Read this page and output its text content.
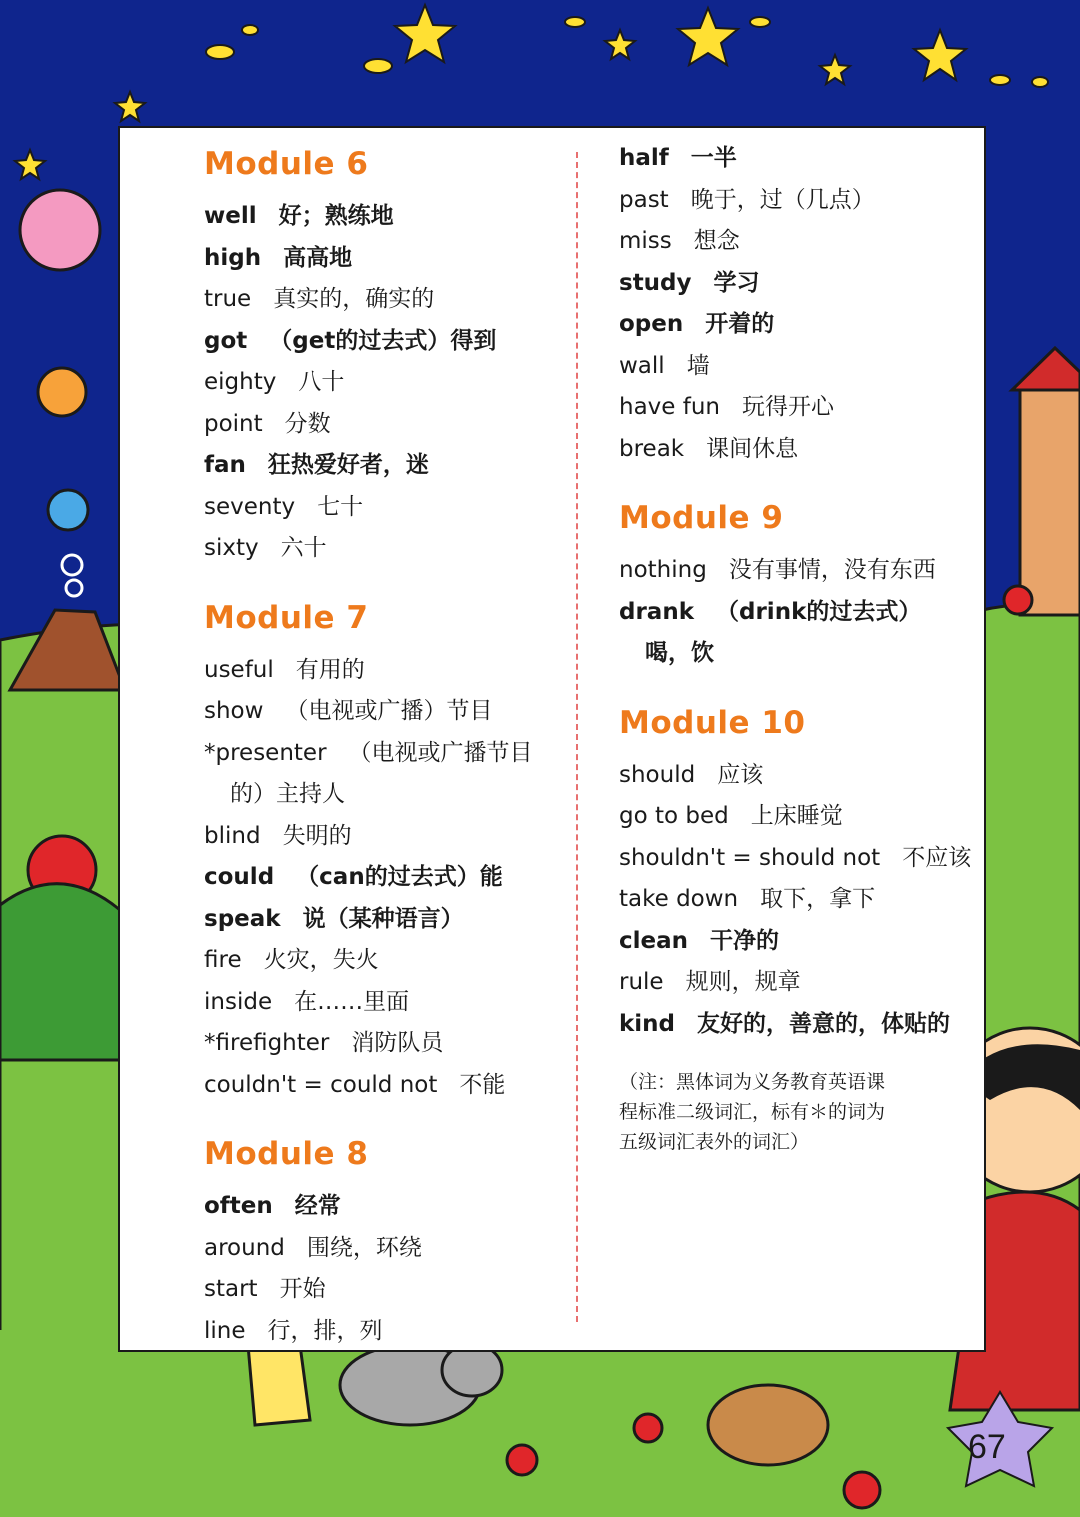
Module 6
well 好；熟练地
high 高高地
true 真实的，确实的
got （get的过去式）得到
eighty 八十
point 分数
fan 狂热爱好者，迷
seventy 七十
sixty 六十
Module 7
useful 有用的
show （电视或广播）节目
*presenter （电视或广播节目
的）主持人
blind 失明的
could （can的过去式）能
speak 说（某种语言）
fire 火灾，失火
inside 在……里面
*firefighter 消防队员
couldn't = could not 不能
Module 8
often 经常
around 围绕，环绕
start 开始
line 行，排，列
half 一半
past 晚于，过（几点）
miss 想念
study 学习
open 开着的
wall 墙
have fun 玩得开心
break 课间休息
Module 9
nothing 没有事情，没有东西
drank （drink的过去式）
喝，饮
Module 10
should 应该
go to bed 上床睡觉
shouldn't = should not 不应该
take down 取下，拿下
clean 干净的
rule 规则，规章
kind 友好的，善意的，体贴的
（注：黑体词为义务教育英语课
程标准二级词汇，标有＊的词为
五级词汇表外的词汇）
67
